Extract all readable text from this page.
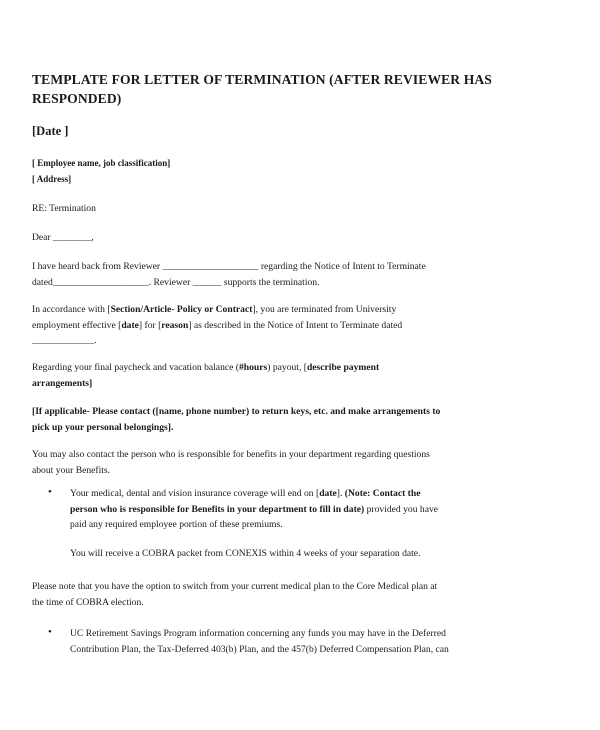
TEMPLATE FOR LETTER OF TERMINATION (AFTER REVIEWER HAS
RESPONDED)
[Date ]
[ Employee name, job classification]
[ Address]
RE: Termination
Dear ________,
I have heard back from Reviewer ____________________ regarding the Notice of Intent to Terminate
dated____________________. Reviewer ______ supports the termination.
In accordance with [Section/Article- Policy or Contract], you are terminated from University
employment effective [date] for [reason] as described in the Notice of Intent to Terminate dated
_____________.
Regarding your final paycheck and vacation balance (#hours) payout, [describe payment
arrangements]
[If applicable- Please contact ([name, phone number) to return keys, etc. and make arrangements to
pick up your personal belongings].
You may also contact the person who is responsible for benefits in your department regarding questions
about your Benefits.
• Your medical, dental and vision insurance coverage will end on [date]. (Note: Contact the
person who is responsible for Benefits in your department to fill in date) provided you have
paid any required employee portion of these premiums.
You will receive a COBRA packet from CONEXIS within 4 weeks of your separation date.
Please note that you have the option to switch from your current medical plan to the Core Medical plan at
the time of COBRA election.
• UC Retirement Savings Program information concerning any funds you may have in the Deferred
Contribution Plan, the Tax-Deferred 403(b) Plan, and the 457(b) Deferred Compensation Plan, can
